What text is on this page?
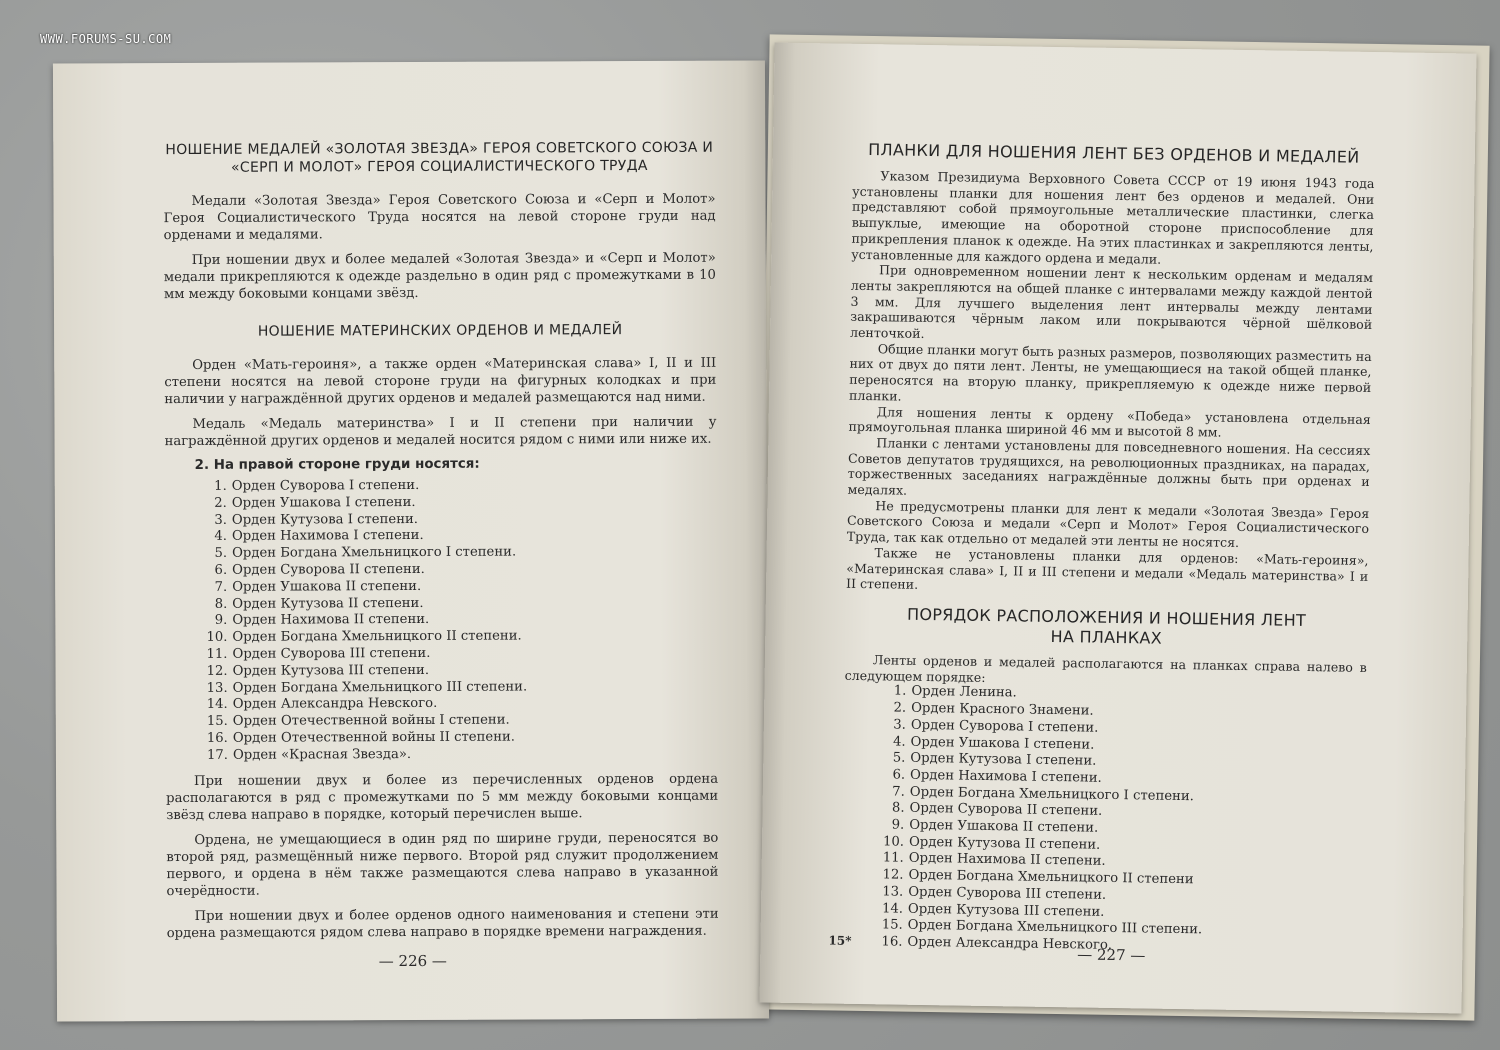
WWW.FORUMS-SU.COM
НОШЕНИЕ МЕДАЛЕЙ «ЗОЛОТАЯ ЗВЕЗДА» ГЕРОЯ СОВЕТСКОГО СОЮЗА И «СЕРП И МОЛОТ» ГЕРОЯ СОЦИАЛИСТИЧЕСКОГО ТРУДА

Медали «Золотая Звезда» Героя Советского Союза и «Серп и Молот» Героя Социалистического Труда носятся на левой стороне груди над орденами и медалями.

При ношении двух и более медалей «Золотая Звезда» и «Серп и Молот» медали прикрепляются к одежде раздельно в один ряд с промежутками в 10 мм между боковыми концами звёзд.

НОШЕНИЕ МАТЕРИНСКИХ ОРДЕНОВ И МЕДАЛЕЙ

Орден «Мать-героиня», а также орден «Материнская слава» I, II и III степени носятся на левой стороне груди на фигурных колодках и при наличии у награждённой других орденов и медалей размещаются над ними.

Медаль «Медаль материнства» I и II степени при наличии у награждённой других орденов и медалей носится рядом с ними или ниже их.

2. На правой стороне груди носятся:
1. Орден Суворова I степени.
2. Орден Ушакова I степени.
3. Орден Кутузова I степени.
4. Орден Нахимова I степени.
5. Орден Богдана Хмельницкого I степени.
6. Орден Суворова II степени.
7. Орден Ушакова II степени.
8. Орден Кутузова II степени.
9. Орден Нахимова II степени.
10. Орден Богдана Хмельницкого II степени.
11. Орден Суворова III степени.
12. Орден Кутузова III степени.
13. Орден Богдана Хмельницкого III степени.
14. Орден Александра Невского.
15. Орден Отечественной войны I степени.
16. Орден Отечественной войны II степени.
17. Орден «Красная Звезда».

При ношении двух и более из перечисленных орденов ордена располагаются в ряд с промежутками по 5 мм между боковыми концами звёзд слева направо в порядке, который перечислен выше.

Ордена, не умещающиеся в один ряд по ширине груди, переносятся во второй ряд, размещённый ниже первого. Второй ряд служит продолжением первого, и ордена в нём также размещаются слева направо в указанной очерёдности.

При ношении двух и более орденов одного наименования и степени эти ордена размещаются рядом слева направо в порядке времени награждения.

— 226 —
ПЛАНКИ ДЛЯ НОШЕНИЯ ЛЕНТ БЕЗ ОРДЕНОВ И МЕДАЛЕЙ

Указом Президиума Верховного Совета СССР от 19 июня 1943 года установлены планки для ношения лент без орденов и медалей. Они представляют собой прямоугольные металлические пластинки, слегка выпуклые, имеющие на оборотной стороне приспособление для прикрепления планок к одежде. На этих пластинках и закрепляются ленты, установленные для каждого ордена и медали.

При одновременном ношении лент к нескольким орденам и медалям ленты закрепляются на общей планке с интервалами между каждой лентой 3 мм. Для лучшего выделения лент интервалы между лентами закрашиваются чёрным лаком или покрываются чёрной шёлковой ленточкой.

Общие планки могут быть разных размеров, позволяющих разместить на них от двух до пяти лент. Ленты, не умещающиеся на такой общей планке, переносятся на вторую планку, прикрепляемую к одежде ниже первой планки.

Для ношения ленты к ордену «Победа» установлена отдельная прямоугольная планка шириной 46 мм и высотой 8 мм.

Планки с лентами установлены для повседневного ношения. На сессиях Советов депутатов трудящихся, на революционных праздниках, на парадах, торжественных заседаниях награждённые должны быть при орденах и медалях.

Не предусмотрены планки для лент к медали «Золотая Звезда» Героя Советского Союза и медали «Серп и Молот» Героя Социалистического Труда, так как отдельно от медалей эти ленты не носятся.

Также не установлены планки для орденов: «Мать-героиня», «Материнская слава» I, II и III степени и медали «Медаль материнства» I и II степени.

ПОРЯДОК РАСПОЛОЖЕНИЯ И НОШЕНИЯ ЛЕНТ НА ПЛАНКАХ

Ленты орденов и медалей располагаются на планках справа налево в следующем порядке:

1. Орден Ленина.
2. Орден Красного Знамени.
3. Орден Суворова I степени.
4. Орден Ушакова I степени.
5. Орден Кутузова I степени.
6. Орден Нахимова I степени.
7. Орден Богдана Хмельницкого I степени.
8. Орден Суворова II степени.
9. Орден Ушакова II степени.
10. Орден Кутузова II степени.
11. Орден Нахимова II степени.
12. Орден Богдана Хмельницкого II степени
13. Орден Суворова III степени.
14. Орден Кутузова III степени.
15. Орден Богдана Хмельницкого III степени.
16. Орден Александра Невского.
15*
— 227 —
